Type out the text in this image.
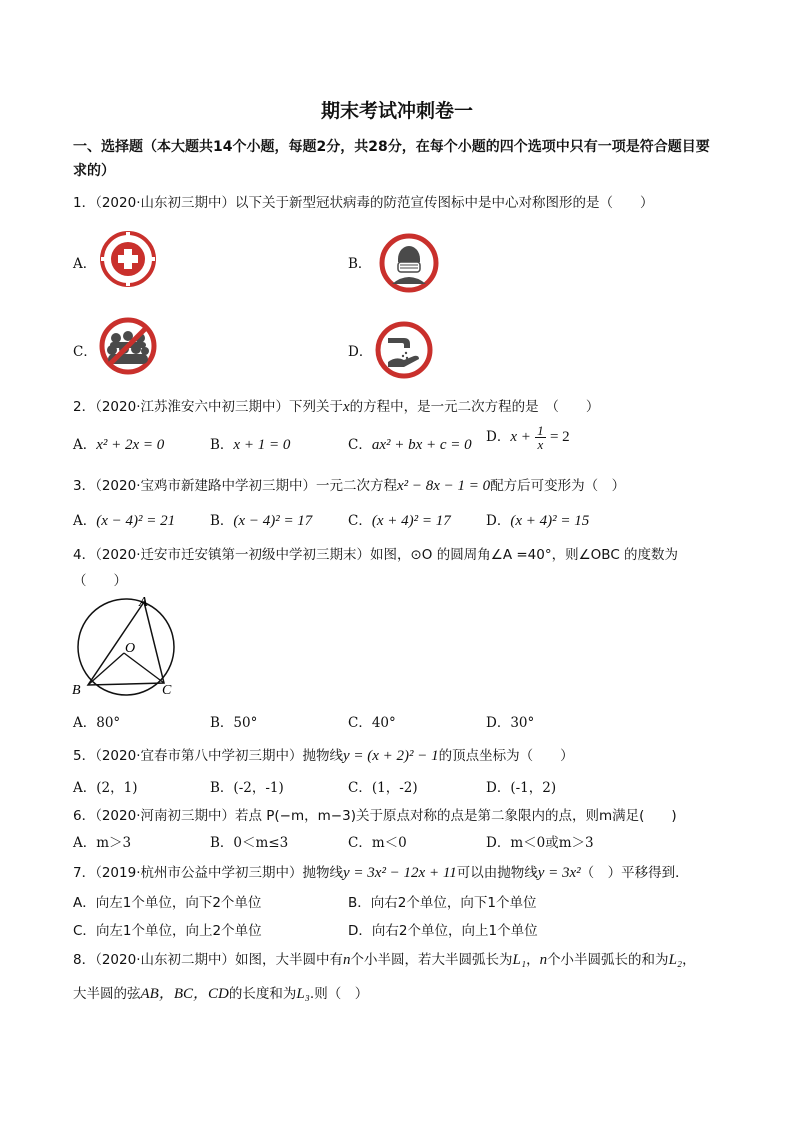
期末考试冲刺卷一
一、选择题（本大题共14个小题，每题2分，共28分，在每个小题的四个选项中只有一项是符合题目要求的）
1．（2020·山东初三期中）以下关于新型冠状病毒的防范宣传图标中是中心对称图形的是（　　）
A．	B．
C．	D．
2．（2020·江苏淮安六中初三期中）下列关于x的方程中，是一元二次方程的是　（　　）
A．x² + 2x = 0	B．x + 1 = 0	C．ax² + bx + c = 0 D．$x + \frac{1}{x} = 2$
3．（2020·宝鸡市新建路中学初三期中）一元二次方程x² − 8x − 1 = 0配方后可变形为（　）
A．(x − 4)² = 21	B．(x − 4)² = 17	C．(x + 4)² = 17	D．(x + 4)² = 15
4．（2020·迁安市迁安镇第一初级中学初三期末）如图，⊙O 的圆周角∠A =40°，则∠OBC 的度数为
（　　）
A
O
B	C
A．80°	B．50°	C．40°	D．30°
5．（2020·宜春市第八中学初三期中）抛物线y = (x + 2)² − 1的顶点坐标为（　　）
A．(2，1)	B．(-2，-1)	C．(1，-2)	D．(-1，2)
6．（2020·河南初三期中）若点 P(−m，m−3)关于原点对称的点是第二象限内的点，则m满足(　　)
A．m＞3	B．0＜m≤3	C．m＜0	D．m＜0或m＞3
7．（2019·杭州市公益中学初三期中）抛物线y = 3x² − 12x + 11可以由抛物线y = 3x²（　）平移得到．
A．向左1个单位，向下2个单位	B．向右2个单位，向下1个单位
C．向左1个单位，向上2个单位	D．向右2个单位，向上1个单位
8．（2020·山东初二期中）如图，大半圆中有n个小半圆，若大半圆弧长为L₁，n个小半圆弧长的和为L₂，
大半圆的弦AB，BC，CD的长度和为L₃.则（　）
